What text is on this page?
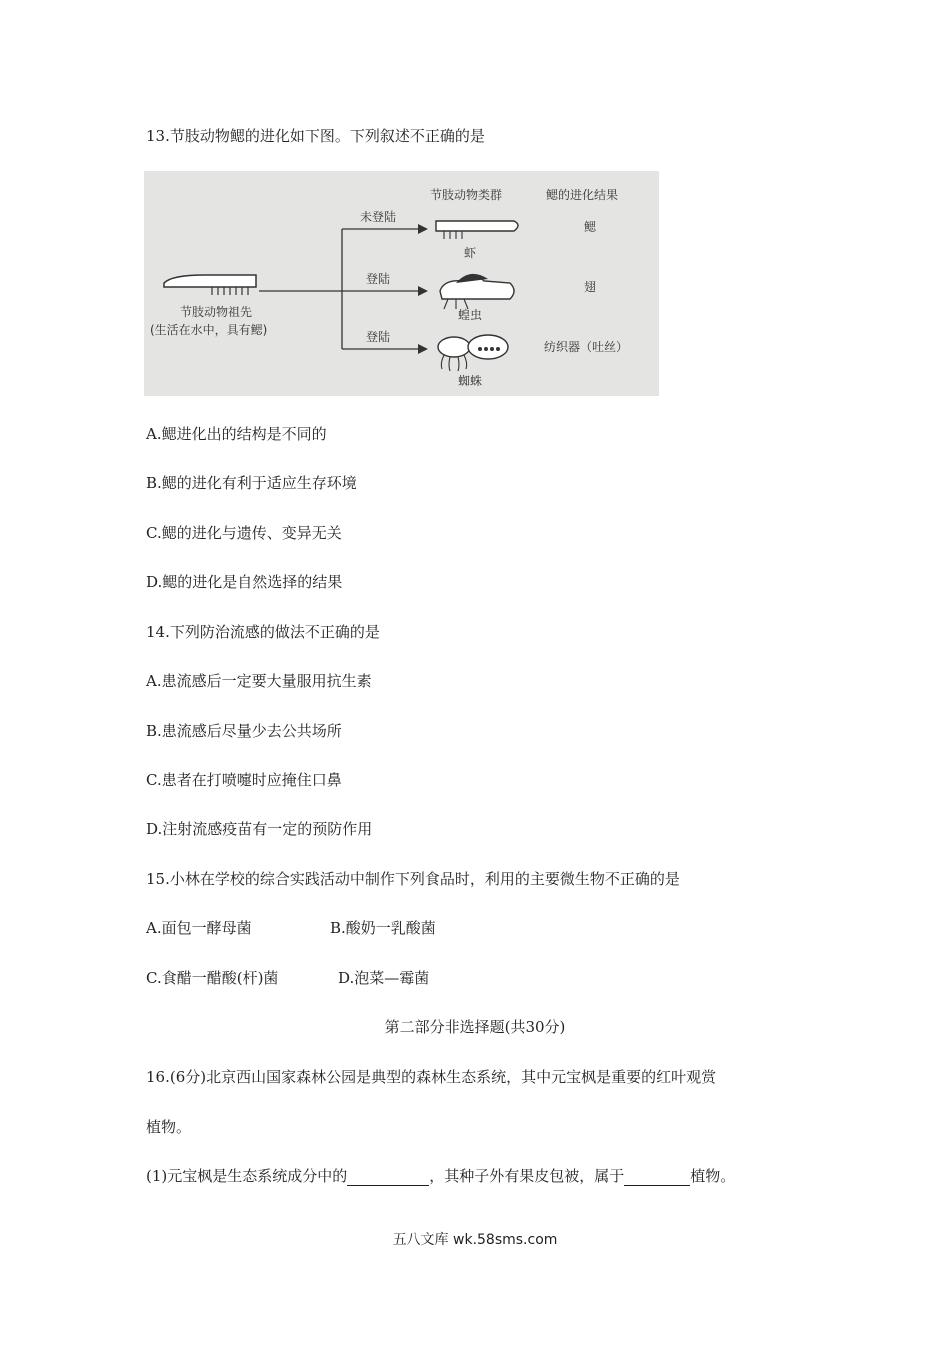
13.节肢动物鳃的进化如下图。下列叙述不正确的是
节肢动物类群	鳃的进化结果
节肢动物祖先
(生活在水中，具有鳃)
未登陆
登陆
登陆
虾
鳃
蝗虫
翅
蜘蛛
纺织器（吐丝）
A.鳃进化出的结构是不同的
B.鳃的进化有利于适应生存环境
C.鳃的进化与遗传、变异无关
D.鳃的进化是自然选择的结果
14.下列防治流感的做法不正确的是
A.患流感后一定要大量服用抗生素
B.患流感后尽量少去公共场所
C.患者在打喷嚏时应掩住口鼻
D.注射流感疫苗有一定的预防作用
15.小林在学校的综合实践活动中制作下列食品时，利用的主要微生物不正确的是
A.面包一酵母菌	B.酸奶一乳酸菌
C.食醋一醋酸(杆)菌	D.泡菜—霉菌
第二部分非选择题(共30分)
16.(6分)北京西山国家森林公园是典型的森林生态系统，其中元宝枫是重要的红叶观赏
植物。
(1)元宝枫是生态系统成分中的	，其种子外有果皮包被，属于	植物。
五八文库 wk.58sms.com
